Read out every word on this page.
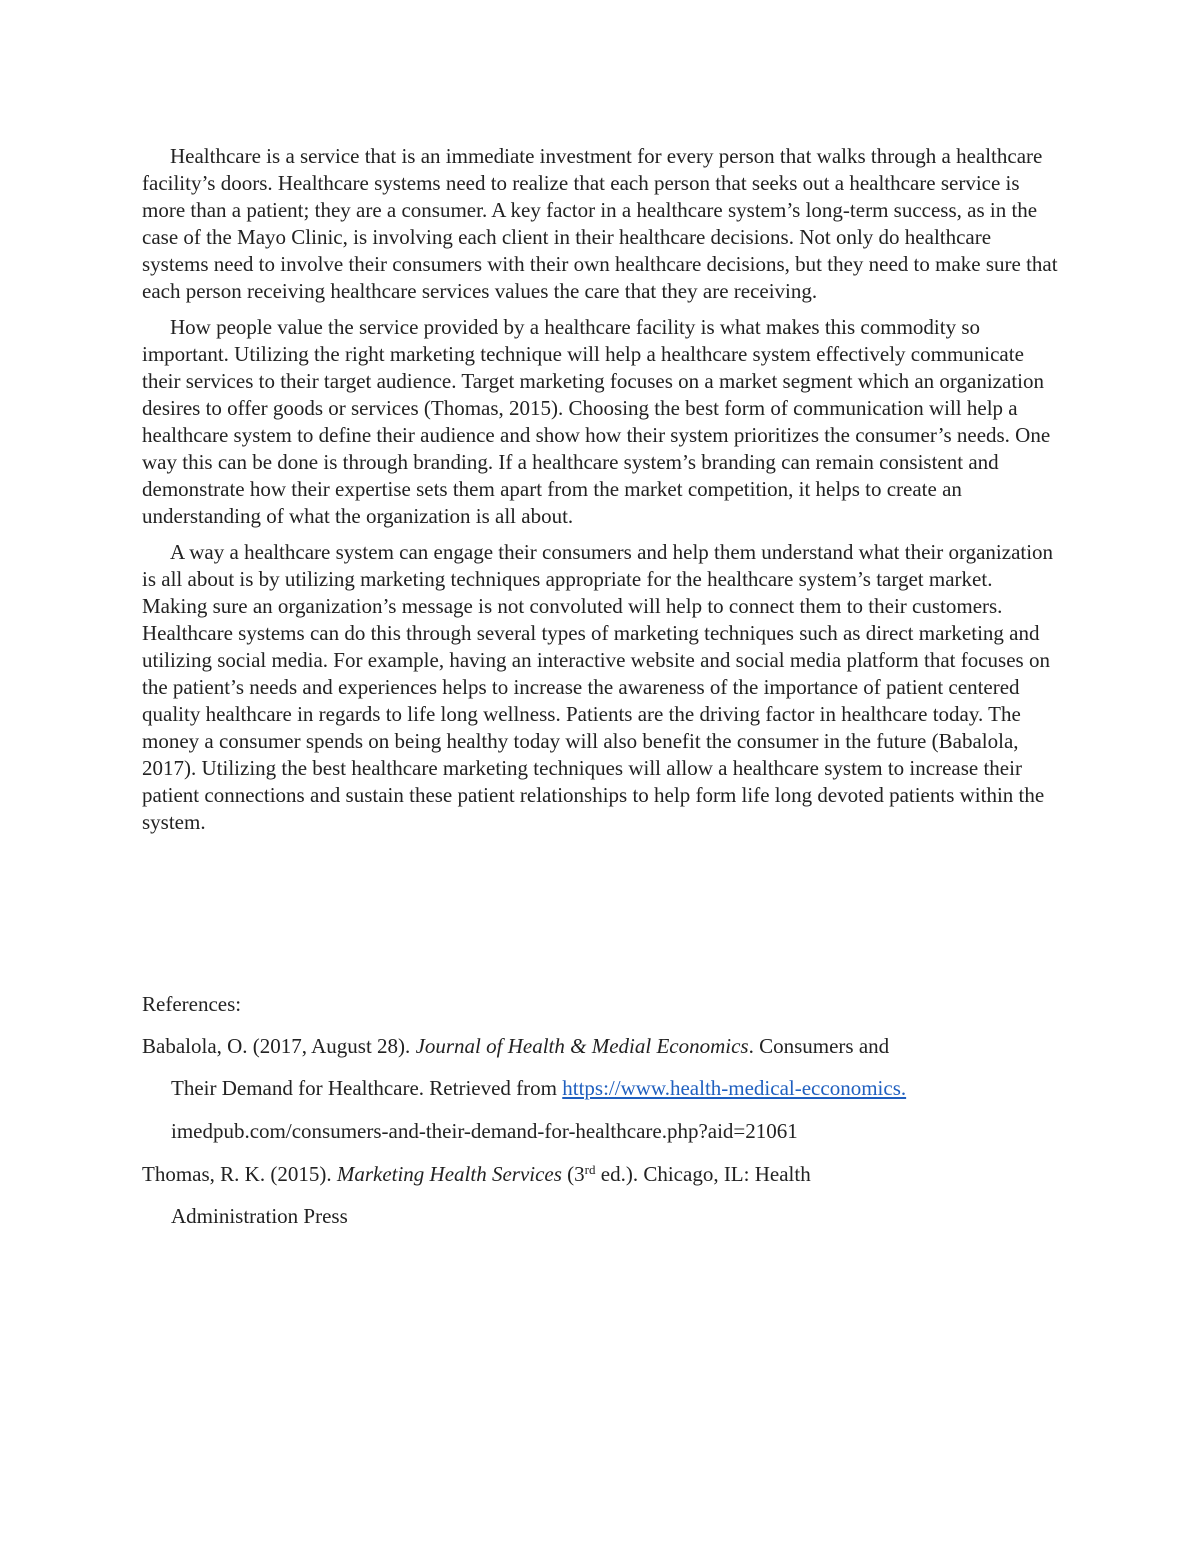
Healthcare is a service that is an immediate investment for every person that walks through a healthcare facility’s doors. Healthcare systems need to realize that each person that seeks out a healthcare service is more than a patient; they are a consumer. A key factor in a healthcare system’s long-term success, as in the case of the Mayo Clinic, is involving each client in their healthcare decisions. Not only do healthcare systems need to involve their consumers with their own healthcare decisions, but they need to make sure that each person receiving healthcare services values the care that they are receiving.

How people value the service provided by a healthcare facility is what makes this commodity so important. Utilizing the right marketing technique will help a healthcare system effectively communicate their services to their target audience. Target marketing focuses on a market segment which an organization desires to offer goods or services (Thomas, 2015). Choosing the best form of communication will help a healthcare system to define their audience and show how their system prioritizes the consumer’s needs. One way this can be done is through branding. If a healthcare system’s branding can remain consistent and demonstrate how their expertise sets them apart from the market competition, it helps to create an understanding of what the organization is all about.

A way a healthcare system can engage their consumers and help them understand what their organization is all about is by utilizing marketing techniques appropriate for the healthcare system’s target market. Making sure an organization’s message is not convoluted will help to connect them to their customers. Healthcare systems can do this through several types of marketing techniques such as direct marketing and utilizing social media. For example, having an interactive website and social media platform that focuses on the patient’s needs and experiences helps to increase the awareness of the importance of patient centered quality healthcare in regards to life long wellness. Patients are the driving factor in healthcare today. The money a consumer spends on being healthy today will also benefit the consumer in the future (Babalola, 2017). Utilizing the best healthcare marketing techniques will allow a healthcare system to increase their patient connections and sustain these patient relationships to help form life long devoted patients within the system.

References:

Babalola, O. (2017, August 28). Journal of Health & Medial Economics. Consumers and

Their Demand for Healthcare. Retrieved from https://www.health-medical-ecconomics.

imedpub.com/consumers-and-their-demand-for-healthcare.php?aid=21061

Thomas, R. K. (2015). Marketing Health Services (3rd ed.). Chicago, IL: Health

Administration Press
